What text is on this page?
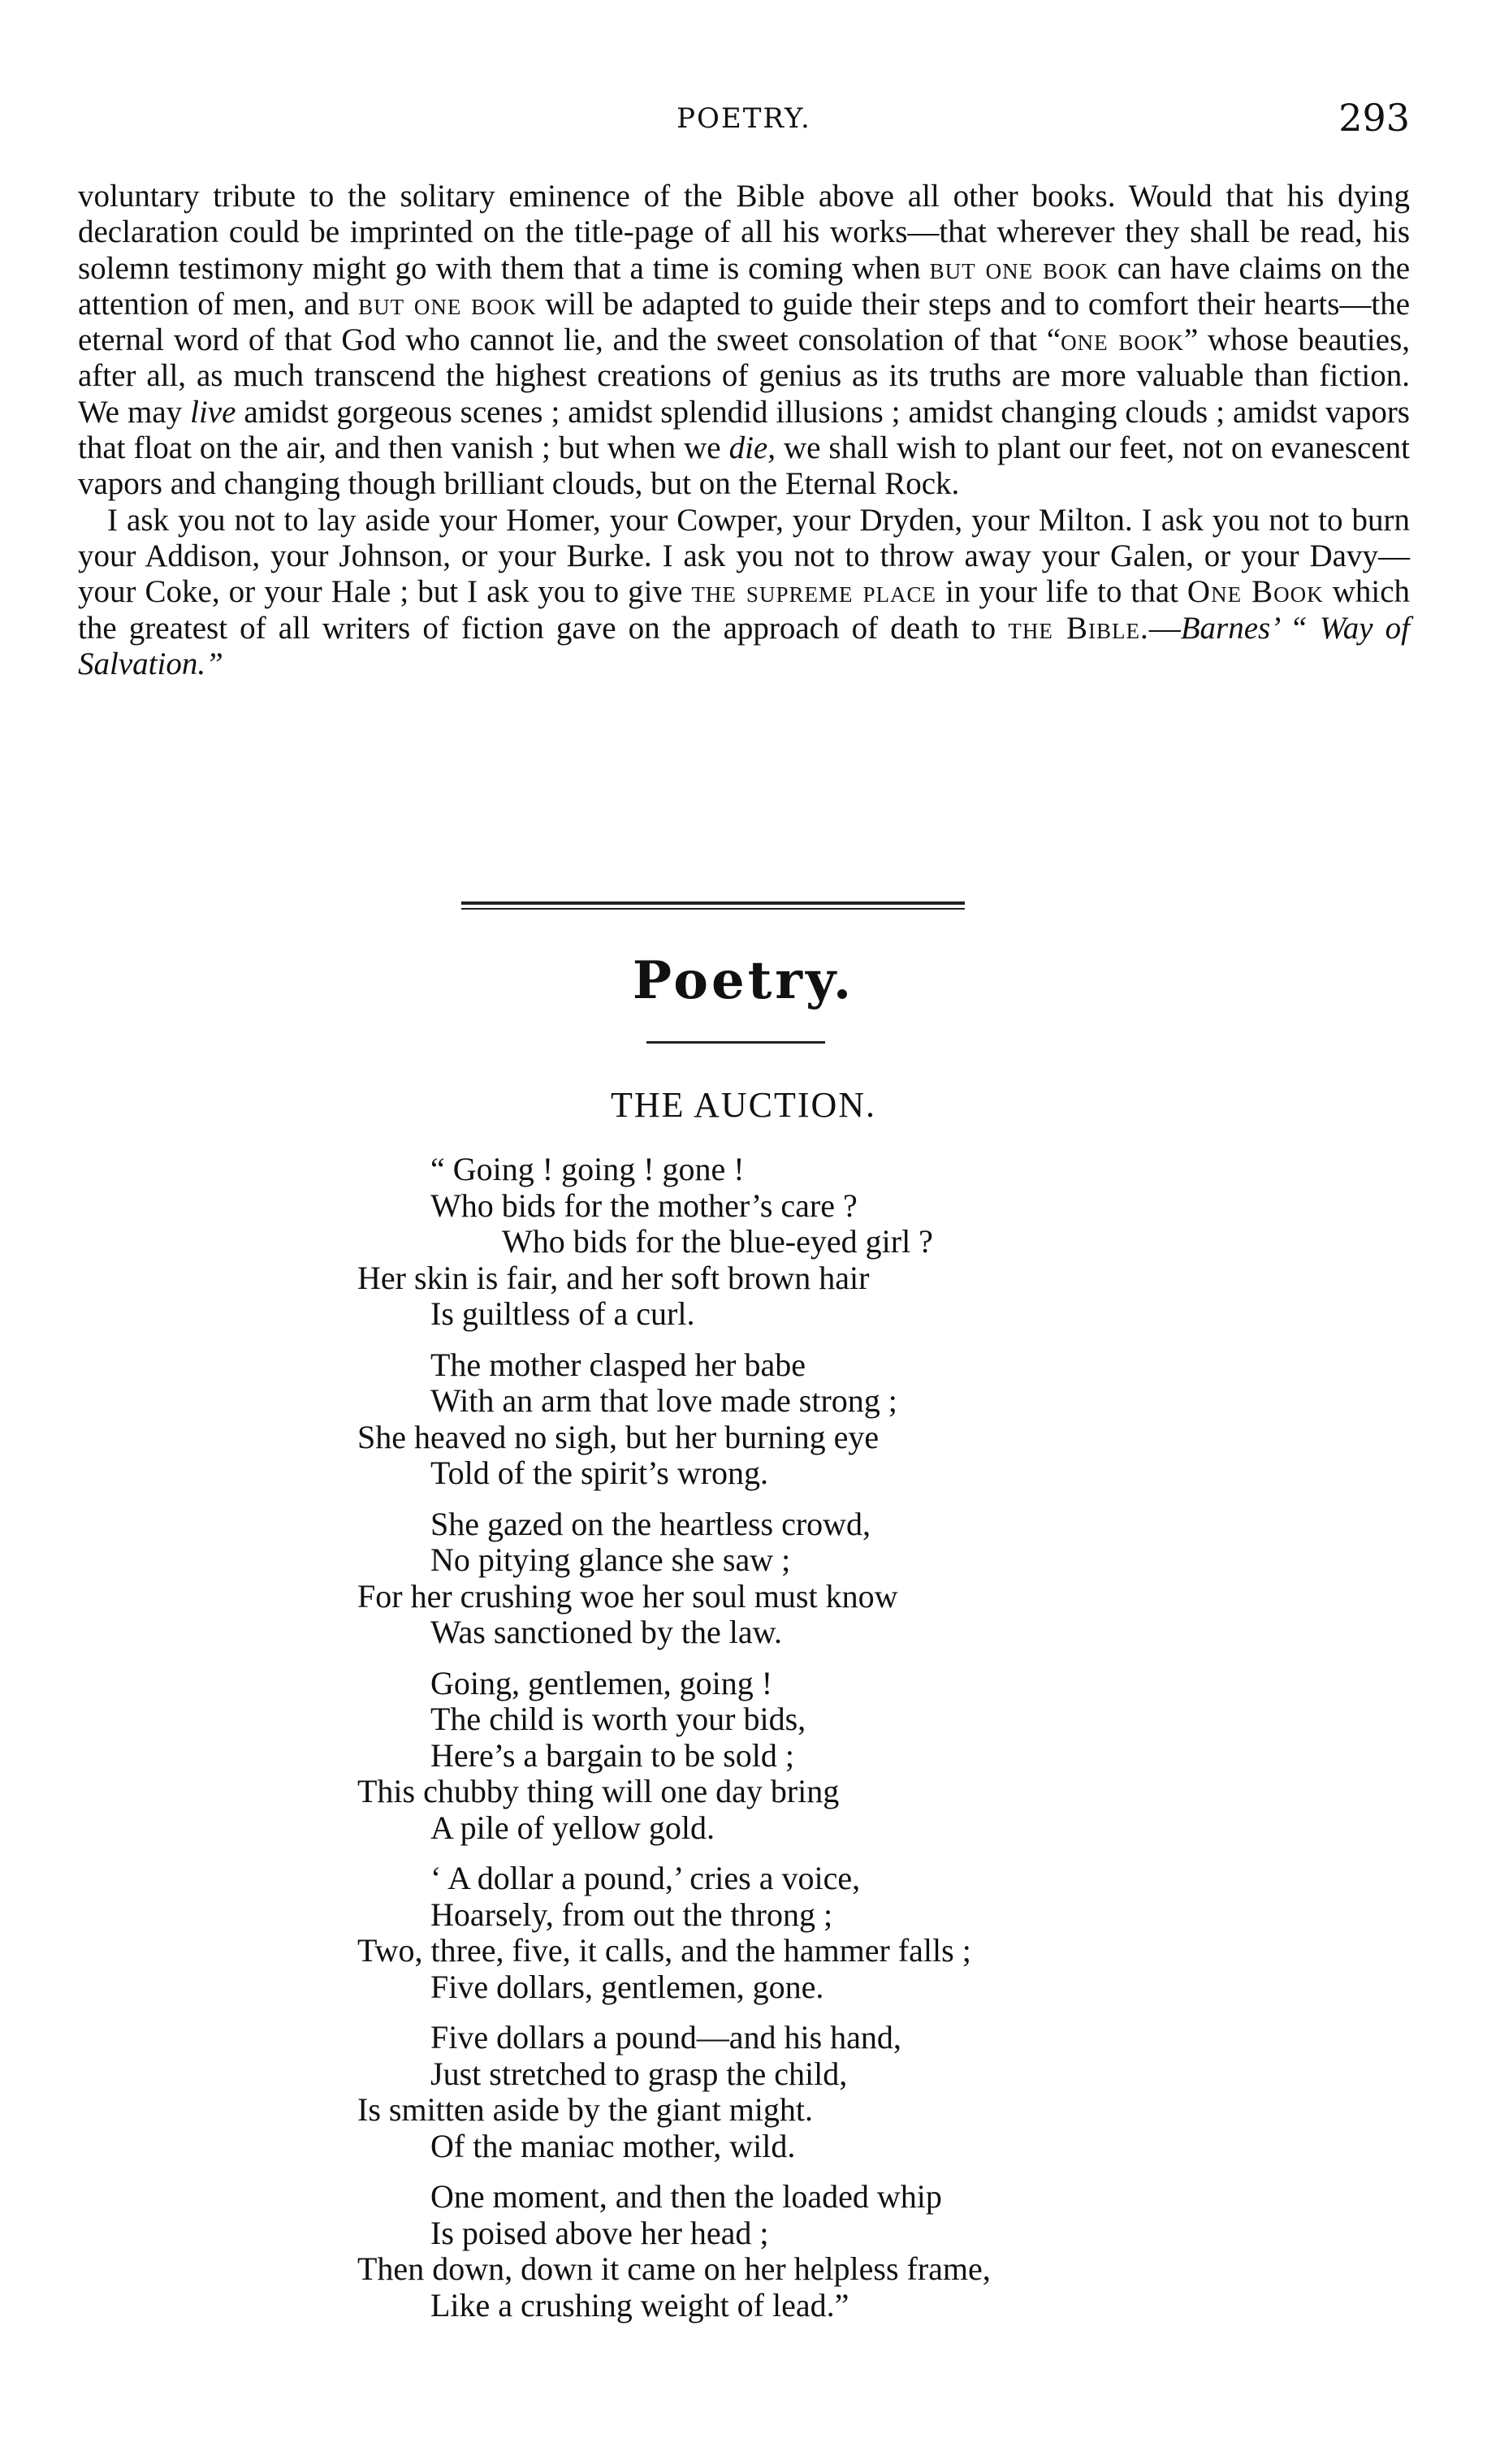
POETRY.	293

voluntary tribute to the solitary eminence of the Bible above all other books. Would that his dying declaration could be imprinted on the title-page of all his works—that wherever they shall be read, his solemn testimony might go with them that a time is coming when but one book can have claims on the attention of men, and but one book will be adapted to guide their steps and to comfort their hearts—the eternal word of that God who cannot lie, and the sweet consolation of that “one book” whose beauties, after all, as much transcend the highest creations of genius as its truths are more valuable than fiction. We may live amidst gorgeous scenes ; amidst splendid illusions ; amidst changing clouds ; amidst vapors that float on the air, and then vanish ; but when we die, we shall wish to plant our feet, not on evanescent vapors and changing though brilliant clouds, but on the Eternal Rock.

I ask you not to lay aside your Homer, your Cowper, your Dryden, your Milton. I ask you not to burn your Addison, your Johnson, or your Burke. I ask you not to throw away your Galen, or your Davy—your Coke, or your Hale ; but I ask you to give the supreme place in your life to that One Book which the greatest of all writers of fiction gave on the approach of death to the Bible.—Barnes’ “ Way of Salvation.”

Poetry.
THE AUCTION.
“ Going ! going ! gone !
Who bids for the mother’s care ?
Who bids for the blue-eyed girl ?
Her skin is fair, and her soft brown hair
Is guiltless of a curl.
The mother clasped her babe
With an arm that love made strong ;
She heaved no sigh, but her burning eye
Told of the spirit’s wrong.
She gazed on the heartless crowd,
No pitying glance she saw ;
For her crushing woe her soul must know
Was sanctioned by the law.
Going, gentlemen, going !
The child is worth your bids,
Here’s a bargain to be sold ;
This chubby thing will one day bring
A pile of yellow gold.
‘ A dollar a pound,’ cries a voice,
Hoarsely, from out the throng ;
Two, three, five, it calls, and the hammer falls ;
Five dollars, gentlemen, gone.
Five dollars a pound—and his hand,
Just stretched to grasp the child,
Is smitten aside by the giant might.
Of the maniac mother, wild.
One moment, and then the loaded whip
Is poised above her head ;
Then down, down it came on her helpless frame,
Like a crushing weight of lead.”
